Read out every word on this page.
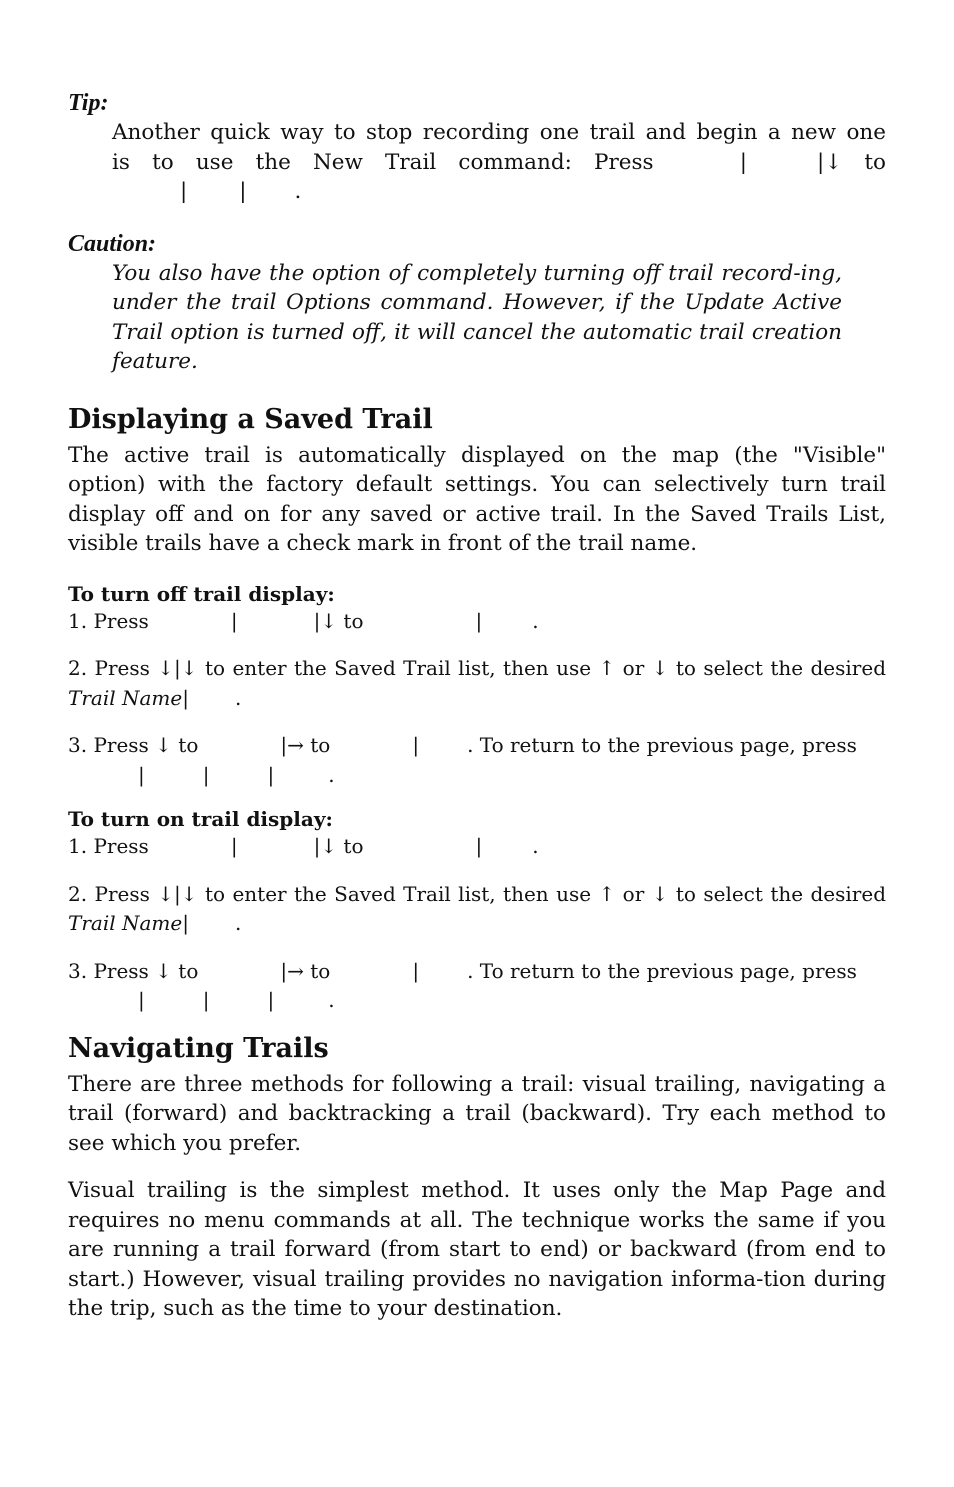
Tip:

Another quick way to stop recording one trail and begin a new one

is to use the New Trail command: Press	|	|↓ to

| | .

Caution:

You also have the option of completely turning off trail record-ing, under the trail Options command. However, if the Update Active Trail option is turned off, it will cancel the automatic trail creation feature.

Displaying a Saved Trail

The active trail is automatically displayed on the map (the "Visible" option) with the factory default settings. You can selectively turn trail display off and on for any saved or active trail. In the Saved Trails List, visible trails have a check mark in front of the trail name.

To turn off trail display:

1. Press	|	|↓ to	|	.

2. Press ↓|↓ to enter the Saved Trail list, then use ↑ or ↓ to select the desired Trail Name| .

3. Press ↓ to	|→ to	| . To return to the previous page, press|	|	|	.

To turn on trail display:

1. Press	|	|↓ to	|	.

2. Press ↓|↓ to enter the Saved Trail list, then use ↑ or ↓ to select the desired Trail Name| .

3. Press ↓ to	|→ to	| . To return to the previous page, press|	|	|	.

Navigating Trails

There are three methods for following a trail: visual trailing, navigating a trail (forward) and backtracking a trail (backward). Try each method to see which you prefer.

Visual trailing is the simplest method. It uses only the Map Page and requires no menu commands at all. The technique works the same if you are running a trail forward (from start to end) or backward (from end to start.) However, visual trailing provides no navigation informa-tion during the trip, such as the time to your destination.
